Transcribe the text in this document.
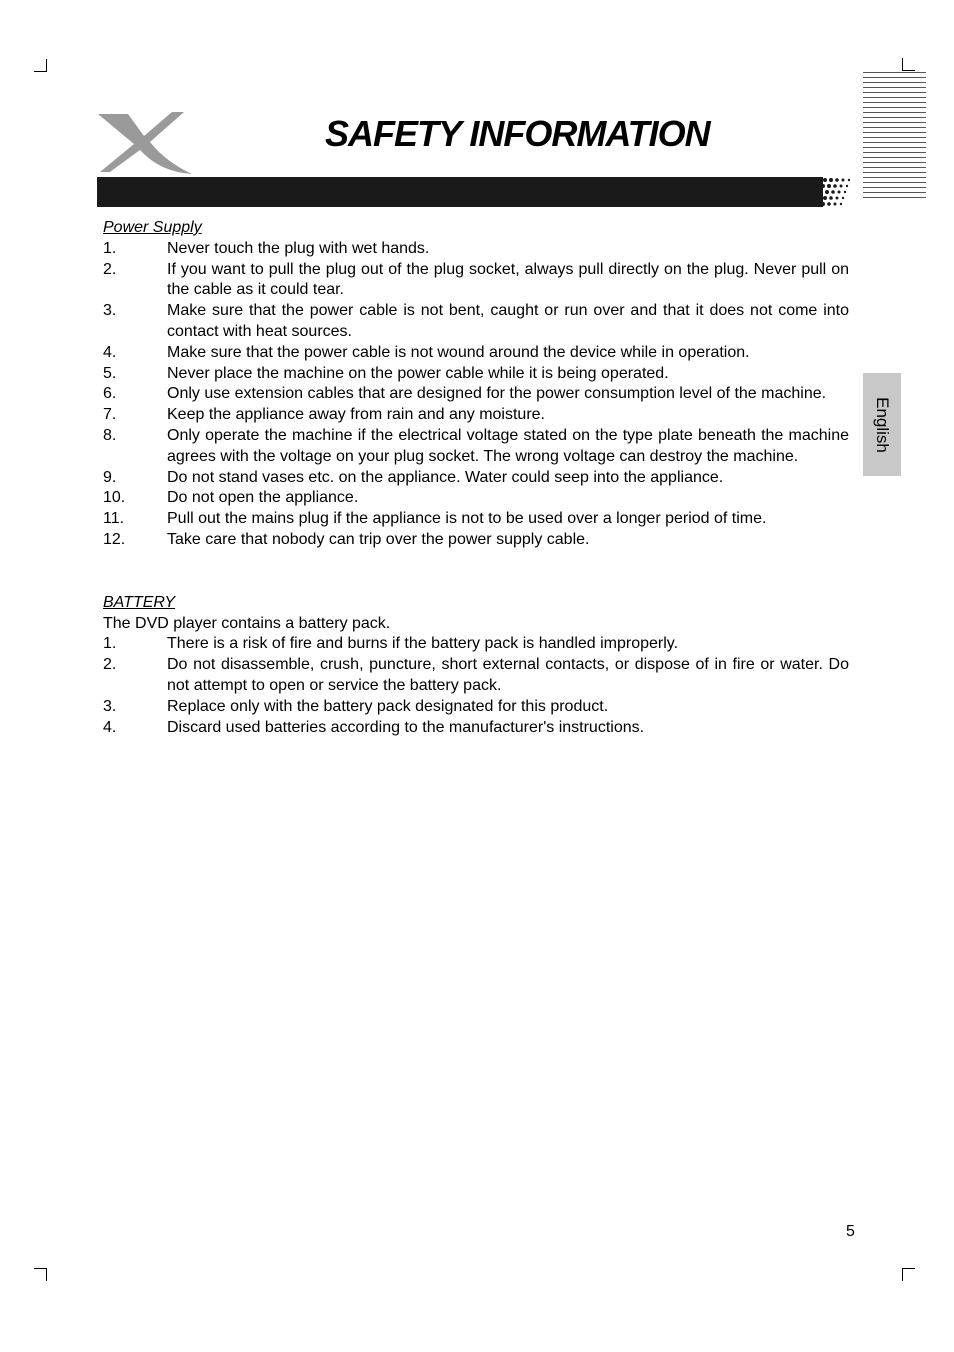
SAFETY INFORMATION
English
Power Supply
1.	Never touch the plug with wet hands.
2.	If you want to pull the plug out of the plug socket, always pull directly on the plug. Never pull on the cable as it could tear.
3.	Make sure that the power cable is not bent, caught or run over and that it does not come into contact with heat sources.
4.	Make sure that the power cable is not wound around the device while in operation.
5.	Never place the machine on the power cable while it is being operated.
6.	Only use extension cables that are designed for the power consumption level of the machine.
7.	Keep the appliance away from rain and any moisture.
8.	Only operate the machine if the electrical voltage stated on the type plate beneath the machine agrees with the voltage on your plug socket. The wrong voltage can destroy the machine.
9.	Do not stand vases etc. on the appliance. Water could seep into the appliance.
10.	Do not open the appliance.
11.	Pull out the mains plug if the appliance is not to be used over a longer period of time.
12.	Take care that nobody can trip over the power supply cable.
BATTERY
The DVD player contains a battery pack.
1.	There is a risk of fire and burns if the battery pack is handled improperly.
2.	Do not disassemble, crush, puncture, short external contacts, or dispose of in fire or water. Do not attempt to open or service the battery pack.
3.	Replace only with the battery pack designated for this product.
4.	Discard used batteries according to the manufacturer's instructions.
5
